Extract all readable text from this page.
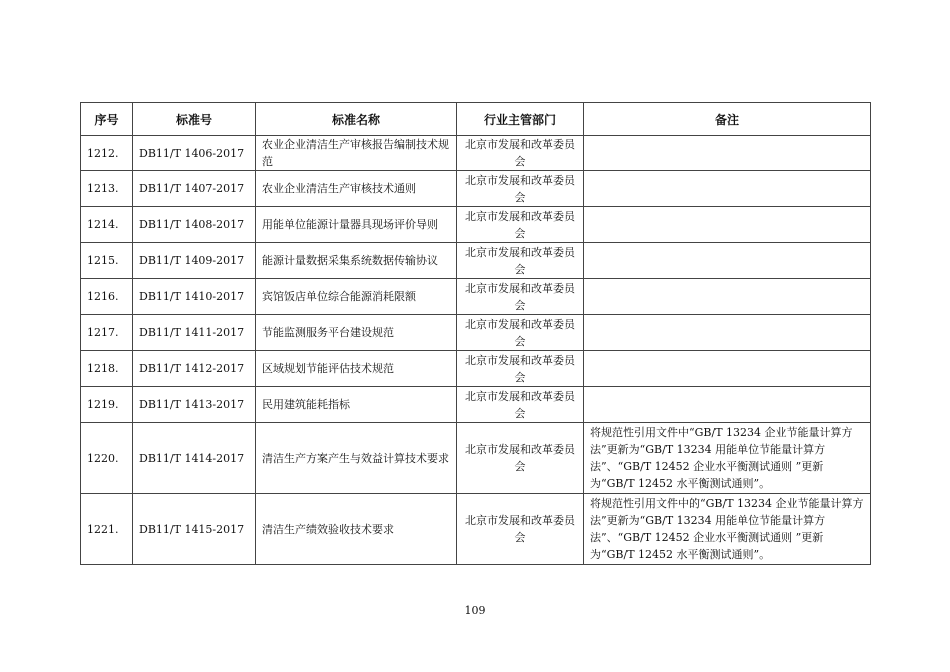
序号	标准号	标准名称	行业主管部门	备注
1212.	DB11/T 1406-2017	农业企业清洁生产审核报告编制技术规范	北京市发展和改革委员会	
1213.	DB11/T 1407-2017	农业企业清洁生产审核技术通则	北京市发展和改革委员会	
1214.	DB11/T 1408-2017	用能单位能源计量器具现场评价导则	北京市发展和改革委员会	
1215.	DB11/T 1409-2017	能源计量数据采集系统数据传输协议	北京市发展和改革委员会	
1216.	DB11/T 1410-2017	宾馆饭店单位综合能源消耗限额	北京市发展和改革委员会	
1217.	DB11/T 1411-2017	节能监测服务平台建设规范	北京市发展和改革委员会	
1218.	DB11/T 1412-2017	区域规划节能评估技术规范	北京市发展和改革委员会	
1219.	DB11/T 1413-2017	民用建筑能耗指标	北京市发展和改革委员会	
1220.	DB11/T 1414-2017	清洁生产方案产生与效益计算技术要求	北京市发展和改革委员会	将规范性引用文件中“GB/T 13234 企业节能量计算方法”更新为“GB/T 13234 用能单位节能量计算方法”、“GB/T 12452 企业水平衡测试通则 ”更新为“GB/T 12452 水平衡测试通则”。
1221.	DB11/T 1415-2017	清洁生产绩效验收技术要求	北京市发展和改革委员会	将规范性引用文件中的“GB/T 13234 企业节能量计算方法”更新为“GB/T 13234 用能单位节能量计算方法”、“GB/T 12452 企业水平衡测试通则 ”更新为“GB/T 12452 水平衡测试通则”。
109
